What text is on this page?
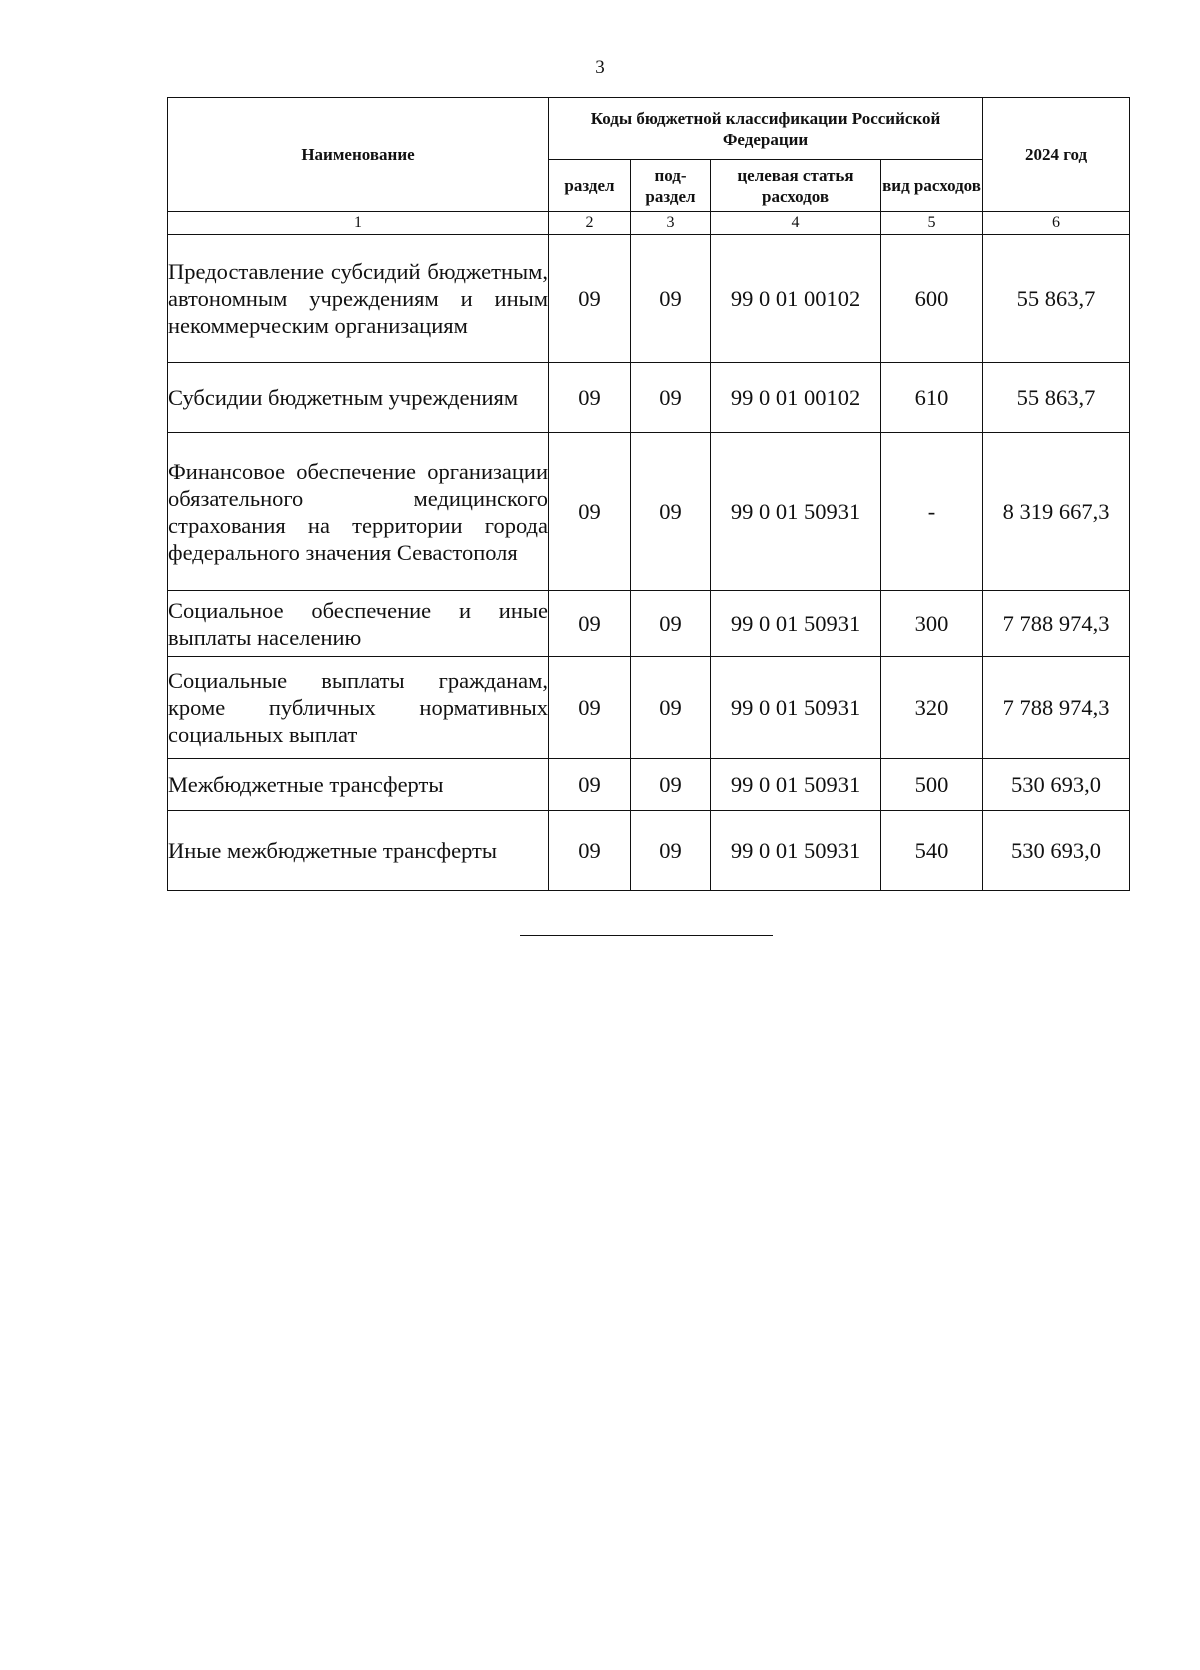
3
Наименование	Коды бюджетной классификации Российской Федерации				2024 год
	раздел	под-раздел	целевая статья расходов	вид расходов	
1	2	3	4	5	6
Предоставление субсидий бюджетным, автономным учреждениям и иным некоммерческим организациям	09	09	99 0 01 00102	600	55 863,7
Субсидии бюджетным учреждениям	09	09	99 0 01 00102	610	55 863,7
Финансовое обеспечение организации обязательного медицинского страхования на территории города федерального значения Севастополя	09	09	99 0 01 50931	-	8 319 667,3
Социальное обеспечение и иные выплаты населению	09	09	99 0 01 50931	300	7 788 974,3
Социальные выплаты гражданам, кроме публичных нормативных социальных выплат	09	09	99 0 01 50931	320	7 788 974,3
Межбюджетные трансферты	09	09	99 0 01 50931	500	530 693,0
Иные межбюджетные трансферты	09	09	99 0 01 50931	540	530 693,0
